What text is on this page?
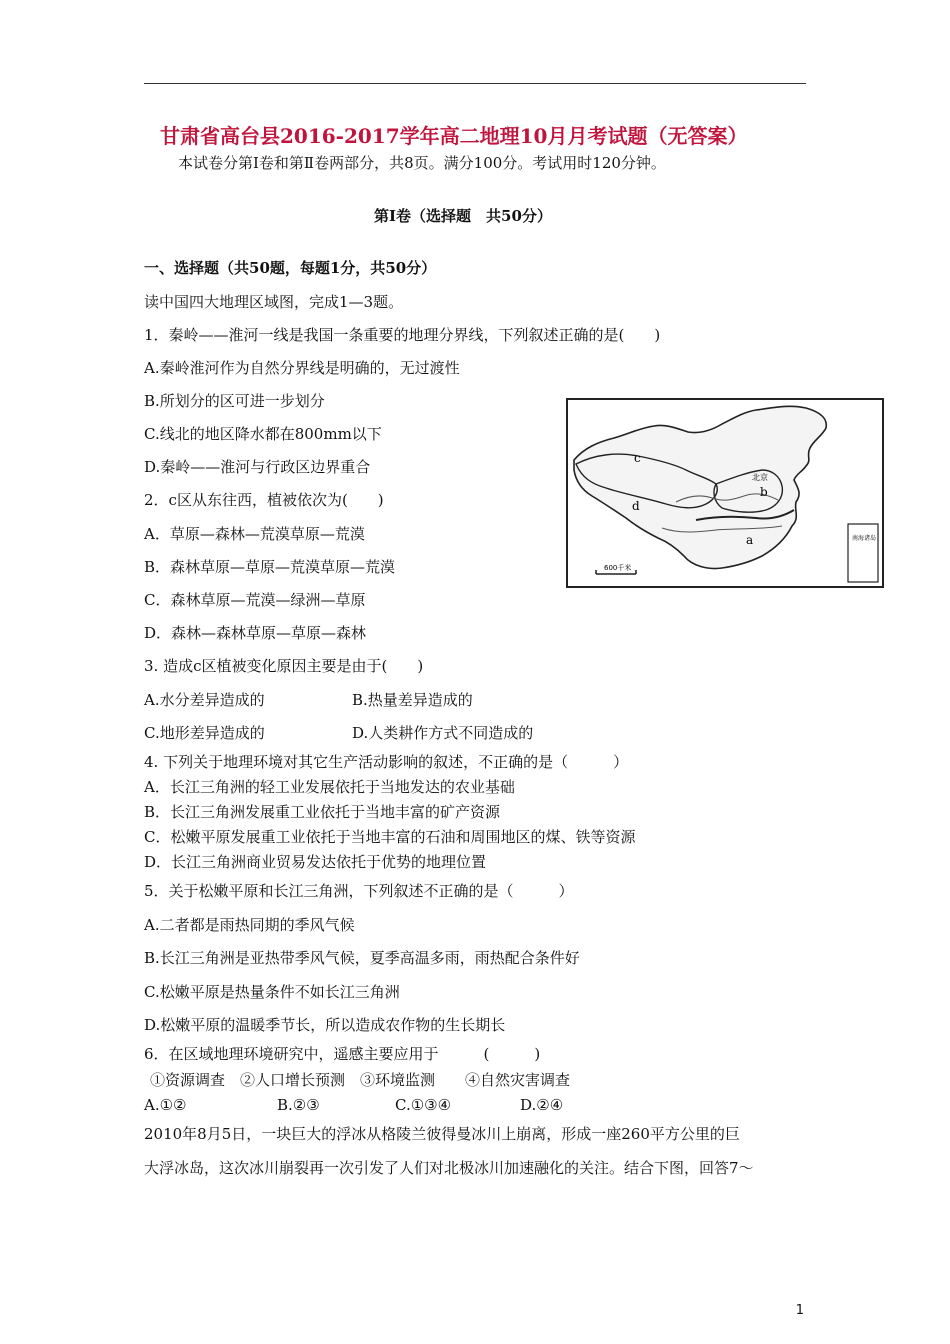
甘肃省高台县2016-2017学年高二地理10月月考试题（无答案）
本试卷分第Ⅰ卷和第Ⅱ卷两部分，共8页。满分100分。考试用时120分钟。
第Ⅰ卷（选择题　共50分）
一、选择题（共50题，每题1分，共50分）
读中国四大地理区域图，完成1—3题。
1．秦岭——淮河一线是我国一条重要的地理分界线，下列叙述正确的是(　　)
A.秦岭淮河作为自然分界线是明确的，无过渡性
B.所划分的区可进一步划分
C.线北的地区降水都在800mm以下
D.秦岭——淮河与行政区边界重合
2．c区从东往西，植被依次为(　　)
A．草原—森林—荒漠草原—荒漠
B．森林草原—草原—荒漠草原—荒漠
C．森林草原—荒漠—绿洲—草原
D．森林—森林草原—草原—森林
3. 造成c区植被变化原因主要是由于(　　)
A.水分差异造成的	B.热量差异造成的
C.地形差异造成的	D.人类耕作方式不同造成的
4. 下列关于地理环境对其它生产活动影响的叙述，不正确的是（　　　）
A．长江三角洲的轻工业发展依托于当地发达的农业基础
B．长江三角洲发展重工业依托于当地丰富的矿产资源
C．松嫩平原发展重工业依托于当地丰富的石油和周围地区的煤、铁等资源
D．长江三角洲商业贸易发达依托于优势的地理位置
5．关于松嫩平原和长江三角洲，下列叙述不正确的是（　　　）
A.二者都是雨热同期的季风气候
B.长江三角洲是亚热带季风气候，夏季高温多雨，雨热配合条件好
C.松嫩平原是热量条件不如长江三角洲
D.松嫩平原的温暖季节长，所以造成农作物的生长期长
6．在区域地理环境研究中，遥感主要应用于　　　(　　　)
①资源调查　②人口增长预测　③环境监测　　④自然灾害调查
A.①②	B.②③	C.①③④	D.②④
2010年8月5日，一块巨大的浮冰从格陵兰彼得曼冰川上崩离，形成一座260平方公里的巨
大浮冰岛，这次冰川崩裂再一次引发了人们对北极冰川加速融化的关注。结合下图，回答7～
c
d
b
a
北京
600千米
南海诸岛
1
